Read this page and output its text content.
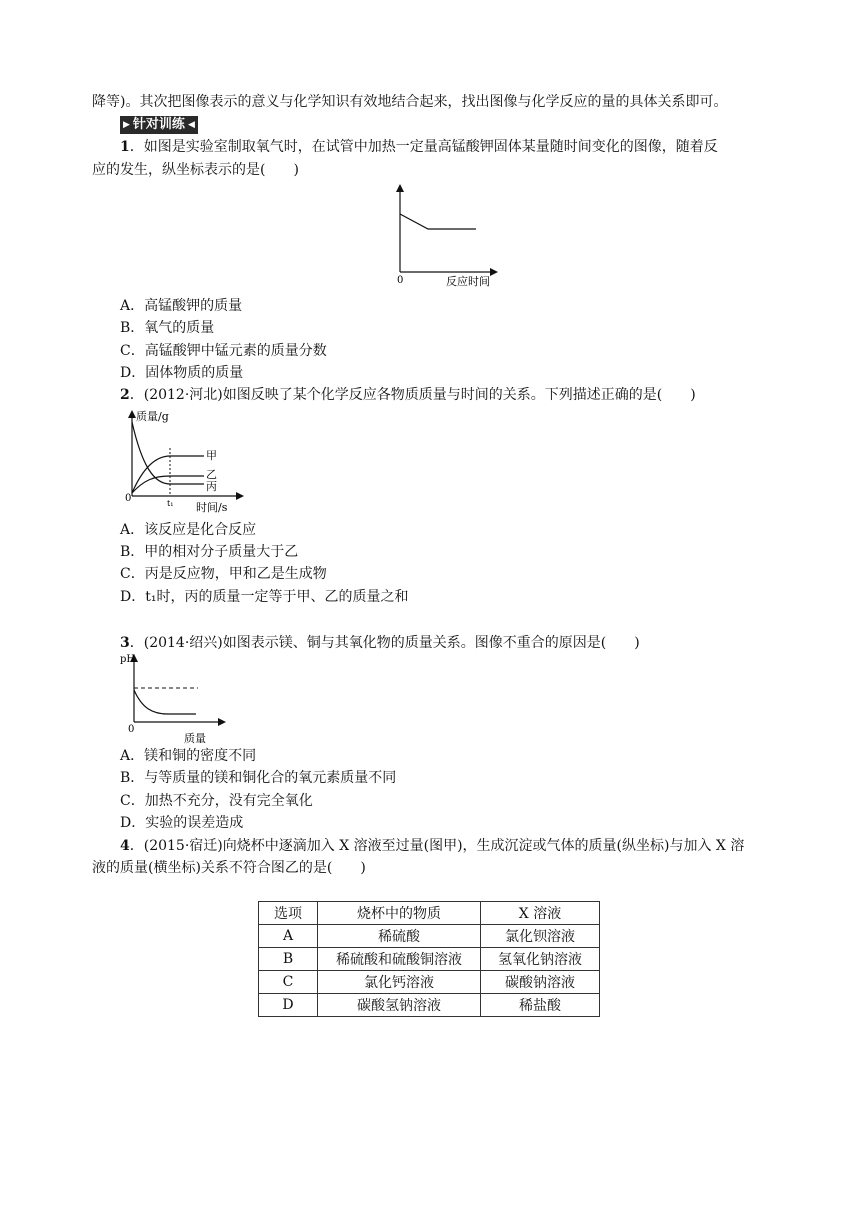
降等)。其次把图像表示的意义与化学知识有效地结合起来，找出图像与化学反应的量的具体关系即可。
▶ 针对训练 ◀
1．如图是实验室制取氧气时，在试管中加热一定量高锰酸钾固体某量随时间变化的图像，随着反
应的发生，纵坐标表示的是(　　)
0	反应时间
A．高锰酸钾的质量
B．氧气的质量
C．高锰酸钾中锰元素的质量分数
D．固体物质的质量
2．(2012·河北)如图反映了某个化学反应各物质质量与时间的关系。下列描述正确的是(　　)
质量/g
甲
乙
丙
0	t₁ 时间/s
A．该反应是化合反应
B．甲的相对分子质量大于乙
C．丙是反应物，甲和乙是生成物
D．t₁时，丙的质量一定等于甲、乙的质量之和
3．(2014·绍兴)如图表示镁、铜与其氧化物的质量关系。图像不重合的原因是(　　)
pH
0
质量
A．镁和铜的密度不同
B．与等质量的镁和铜化合的氧元素质量不同
C．加热不充分，没有完全氧化
D．实验的误差造成
4．(2015·宿迁)向烧杯中逐滴加入 X 溶液至过量(图甲)，生成沉淀或气体的质量(纵坐标)与加入 X 溶
液的质量(横坐标)关系不符合图乙的是(　　)
选项	烧杯中的物质	X 溶液
A	稀硫酸	氯化钡溶液
B	稀硫酸和硫酸铜溶液	氢氧化钠溶液
C	氯化钙溶液	碳酸钠溶液
D	碳酸氢钠溶液	稀盐酸
